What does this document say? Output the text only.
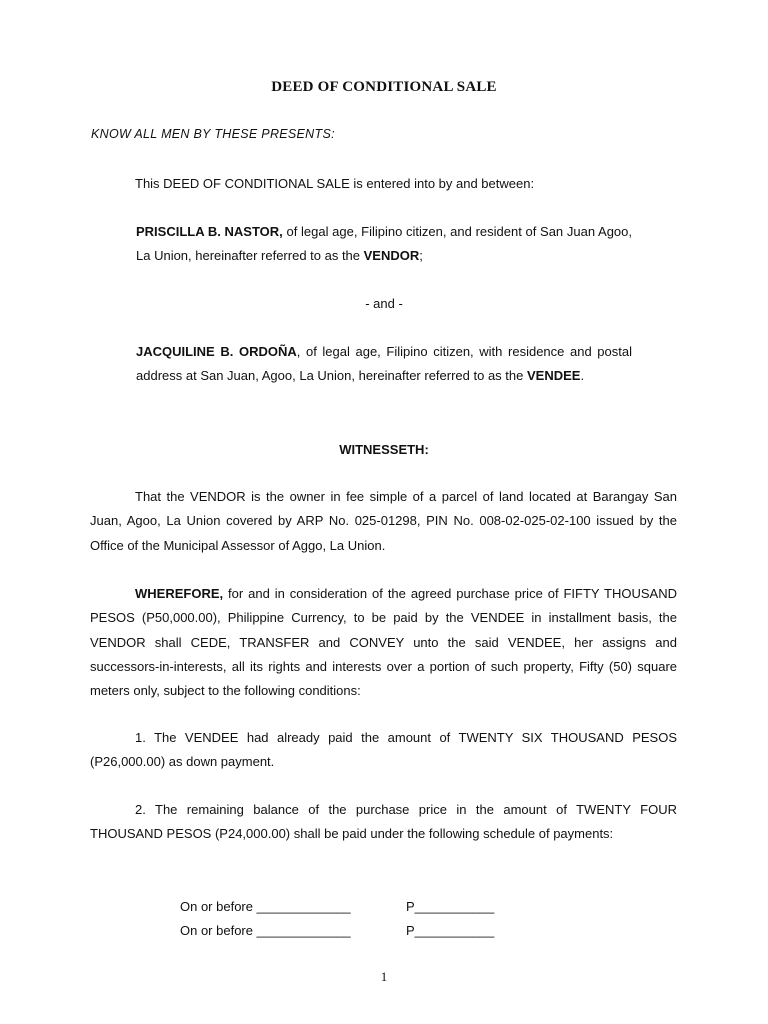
DEED OF CONDITIONAL SALE
KNOW ALL MEN BY THESE PRESENTS:

This DEED OF CONDITIONAL SALE is entered into by and between:

PRISCILLA B. NASTOR, of legal age, Filipino citizen, and resident of San Juan Agoo, La Union, hereinafter referred to as the VENDOR;

- and -

JACQUILINE B. ORDOÑA, of legal age, Filipino citizen, with residence and postal address at San Juan, Agoo, La Union, hereinafter referred to as the VENDEE.

WITNESSETH:

That the VENDOR is the owner in fee simple of a parcel of land located at Barangay San Juan, Agoo, La Union covered by ARP No. 025-01298, PIN No. 008-02-025-02-100 issued by the Office of the Municipal Assessor of Aggo, La Union.

WHEREFORE, for and in consideration of the agreed purchase price of FIFTY THOUSAND PESOS (P50,000.00), Philippine Currency, to be paid by the VENDEE in installment basis, the VENDOR shall CEDE, TRANSFER and CONVEY unto the said VENDEE, her assigns and successors-in-interests, all its rights and interests over a portion of such property, Fifty (50) square meters only, subject to the following conditions:

1. The VENDEE had already paid the amount of TWENTY SIX THOUSAND PESOS (P26,000.00) as down payment.

2. The remaining balance of the purchase price in the amount of TWENTY FOUR THOUSAND PESOS (P24,000.00) shall be paid under the following schedule of payments:

On or before _____________	P___________
On or before _____________	P___________
1
